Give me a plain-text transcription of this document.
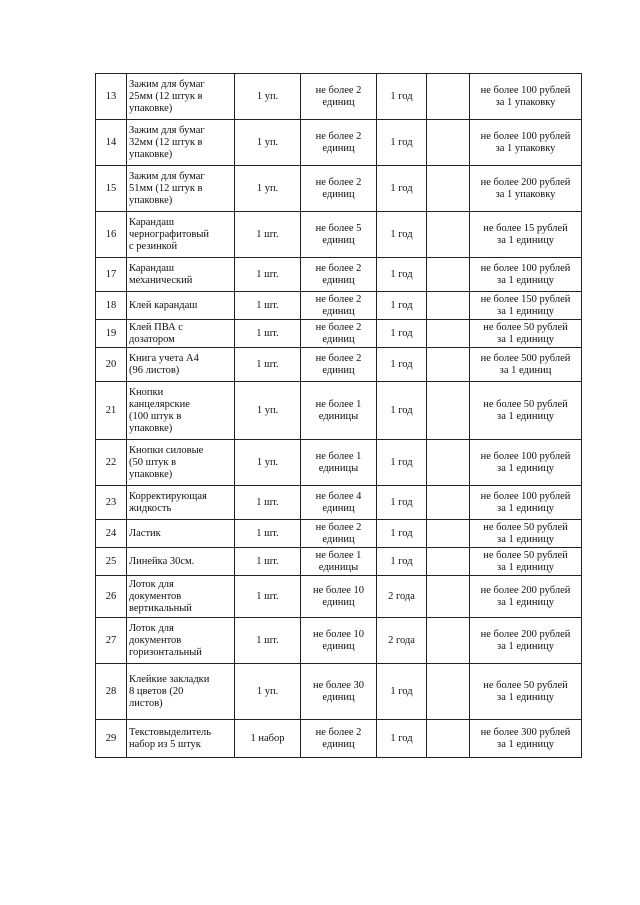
13	Зажим для бумаг
25мм (12 штук в
упаковке)	1 уп.	не более 2
единиц	1 год		не более 100 рублей
за 1 упаковку

14	Зажим для бумаг
32мм (12 штук в
упаковке)	1 уп.	не более 2
единиц	1 год		не более 100 рублей
за 1 упаковку

15	Зажим для бумаг
51мм (12 штук в
упаковке)	1 уп.	не более 2
единиц	1 год		не более 200 рублей
за 1 упаковку

16	Карандаш
чернографитовый
с резинкой	1 шт.	не более 5
единиц	1 год		не более 15 рублей
за 1 единицу

17	Карандаш
механический	1 шт.	не более 2
единиц	1 год		не более 100 рублей
за 1 единицу

18	Клей карандаш	1 шт.	не более 2
единиц	1 год		не более 150 рублей
за 1 единицу

19	Клей ПВА с
дозатором	1 шт.	не более 2
единиц	1 год		не более 50 рублей
за 1 единицу

20	Книга учета А4
(96 листов)	1 шт.	не более 2
единиц	1 год		не более 500 рублей
за 1 единиц

21	Кнопки
канцелярские
(100 штук в
упаковке)	1 уп.	не более 1
единицы	1 год		не более 50 рублей
за 1 единицу

22	Кнопки силовые
(50 штук в
упаковке)	1 уп.	не более 1
единицы	1 год		не более 100 рублей
за 1 единицу

23	Корректирующая
жидкость	1 шт.	не более 4
единиц	1 год		не более 100 рублей
за 1 единицу

24	Ластик	1 шт.	не более 2
единиц	1 год		не более 50 рублей
за 1 единицу

25	Линейка 30см.	1 шт.	не более 1
единицы	1 год		не более 50 рублей
за 1 единицу

26	Лоток для
документов
вертикальный	1 шт.	не более 10
единиц	2 года		не более 200 рублей
за 1 единицу

27	Лоток для
документов
горизонтальный	1 шт.	не более 10
единиц	2 года		не более 200 рублей
за 1 единицу

28	Клейкие закладки
8 цветов (20
листов)	1 уп.	не более 30
единиц	1 год		не более 50 рублей
за 1 единицу

29	Текстовыделитель
набор из 5 штук	1 набор	не более 2
единиц	1 год		не более 300 рублей
за 1 единицу
